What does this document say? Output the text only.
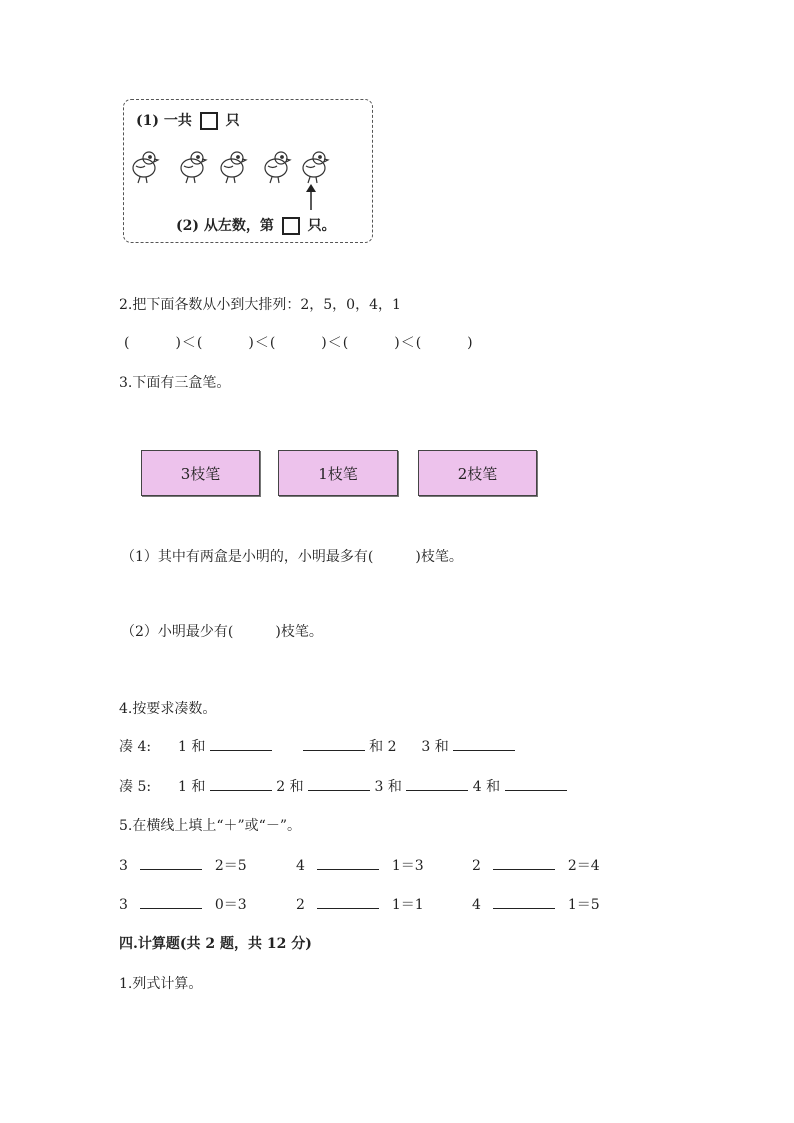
(1) 一共 只
(2) 从左数，第 只。
2.把下面各数从小到大排列：2，5，0，4，1
(　　　)＜(　　　)＜(　　　)＜(　　　)＜(　　　)
3.下面有三盒笔。
3枝笔	1枝笔	2枝笔
（1）其中有两盒是小明的，小明最多有(　　　)枝笔。
（2）小明最少有(　　　)枝笔。
4.按要求凑数。
凑 4: 1 和	和 2 3 和
凑 5: 1 和	2 和	3 和	4 和
5.在横线上填上“＋”或“－”。
3	2＝5	4	1＝3	2	2＝4
3	0＝3	2	1＝1	4	1＝5
四.计算题(共 2 题，共 12 分)
1.列式计算。
